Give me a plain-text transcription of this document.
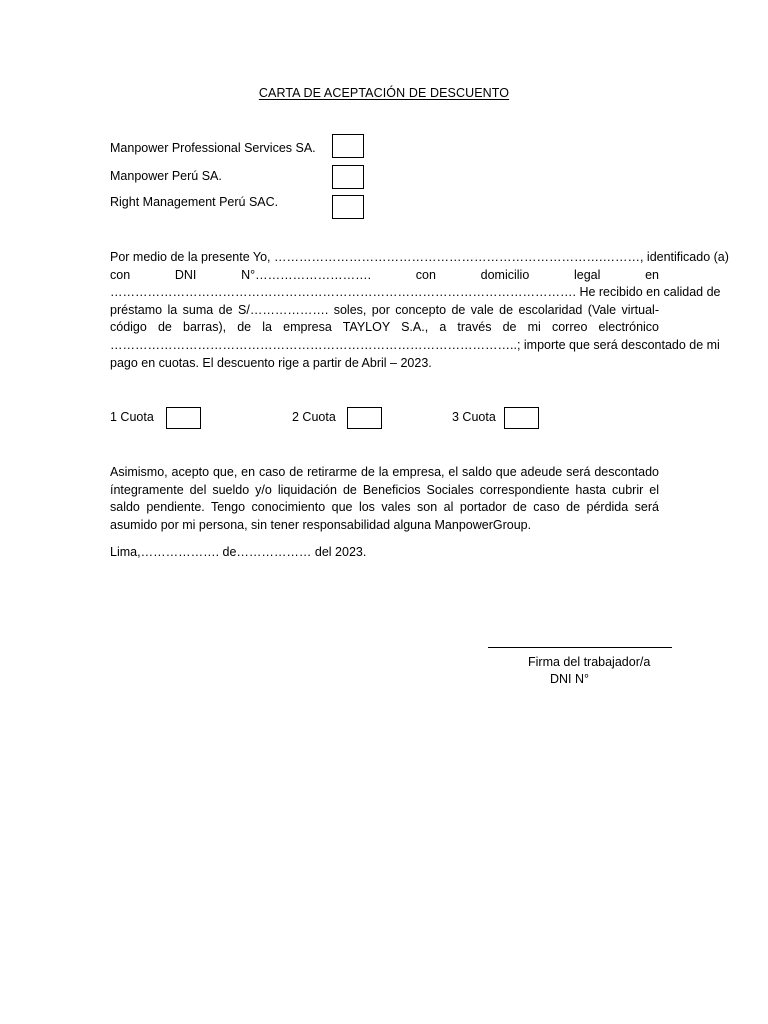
CARTA DE ACEPTACIÓN DE DESCUENTO
Manpower Professional Services SA.
Manpower Perú SA.
Right Management Perú SAC.
Por medio de la presente Yo, …………………………………………………………………….………, identificado (a)
con DNI N°………………………. con domicilio legal en
…………………………………………………………………………………………………. He recibido en calidad de
préstamo la suma de S/………………. soles, por concepto de vale de escolaridad (Vale virtual-
código de barras), de la empresa TAYLOY S.A., a través de mi correo electrónico
……………………………………………………………………………………..; importe que será descontado de mi
pago en cuotas. El descuento rige a partir de Abril – 2023.
1 Cuota	2 Cuota	3 Cuota
Asimismo, acepto que, en caso de retirarme de la empresa, el saldo que adeude será descontado
íntegramente del sueldo y/o liquidación de Beneficios Sociales correspondiente hasta cubrir el
saldo pendiente. Tengo conocimiento que los vales son al portador de caso de pérdida será
asumido por mi persona, sin tener responsabilidad alguna ManpowerGroup.
Lima,………………. de……………… del 2023.
Firma del trabajador/a
DNI N°
